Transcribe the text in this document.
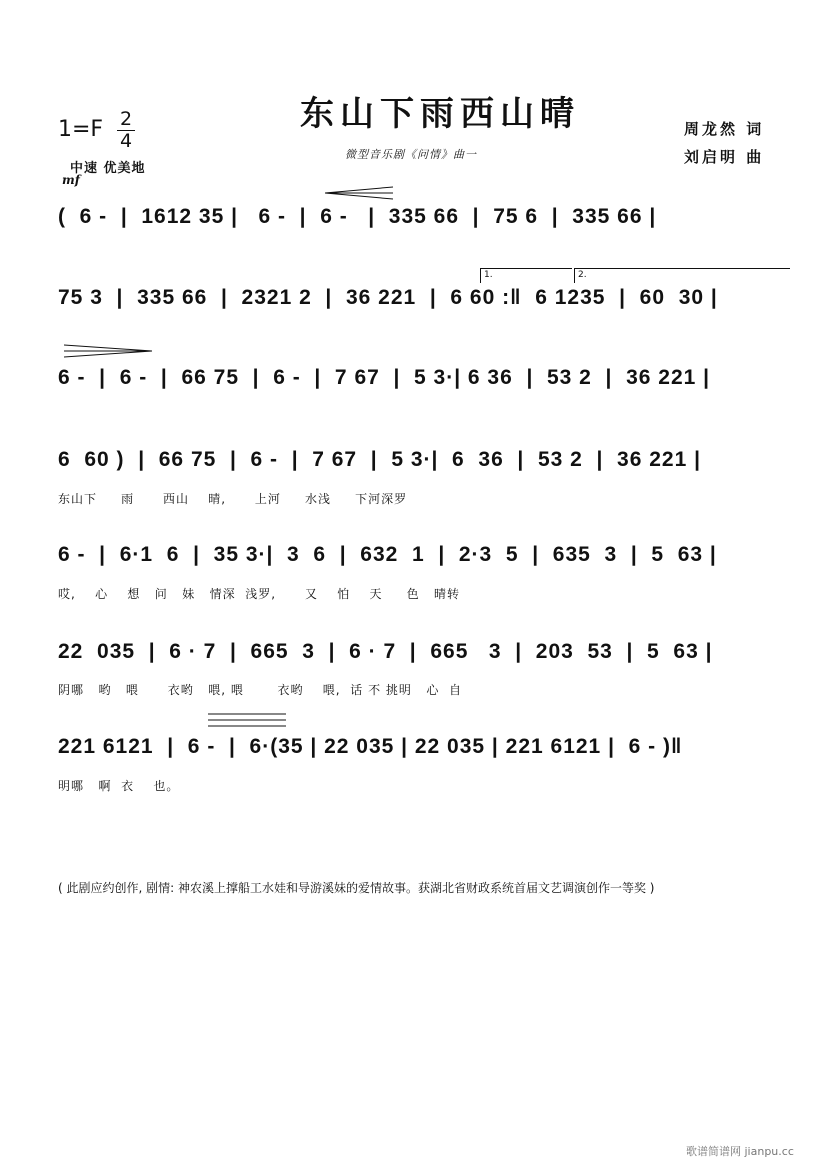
东山下雨西山晴
微型音乐剧《问情》曲一
周龙然 词
刘启明 曲
1=F 2
4
中速 优美地
mf
1.	2.
(  6 -  |  1612 35 |   6 -  |  6 -   |  335 66  |  75 6  |  335 66 |
75 3  |  335 66  |  2321 2  |  36 221  |  6 60 :‖  6 1235  |  60  30 |
6 -  |  6 -  |  66 75  |  6 -  |  7 67  |  5 3·| 6 36  |  53 2  |  36 221 |
6  60 )  |  66 75  |  6 -  |  7 67  |  5 3·|  6  36  |  53 2  |  36 221 |
东山下     雨      西山    晴,      上河     水浅     下河深罗
6 -  |  6·1  6  |  35 3·|  3  6  |  632  1  |  2·3  5  |  635  3  |  5  63 |
哎,    心    想   问   妹   情深  浅罗,      又    怕    天     色   晴转
22  035  |  6 · 7  |  665  3  |  6 · 7  |  665   3  |  203  53  |  5  63 |
阴哪   哟   喂      衣哟   喂, 喂       衣哟    喂,  话 不 挑明   心  自
221 6121  |  6 -  |  6·(35 | 22 035 | 22 035 | 221 6121 |  6 - )‖
明哪   啊  衣    也。
( 此剧应约创作, 剧情: 神农溪上撑船工水娃和导游溪妹的爱情故事。获湖北省财政系统首届文艺调演创作一等奖 )
歌谱简谱网 jianpu.cc
